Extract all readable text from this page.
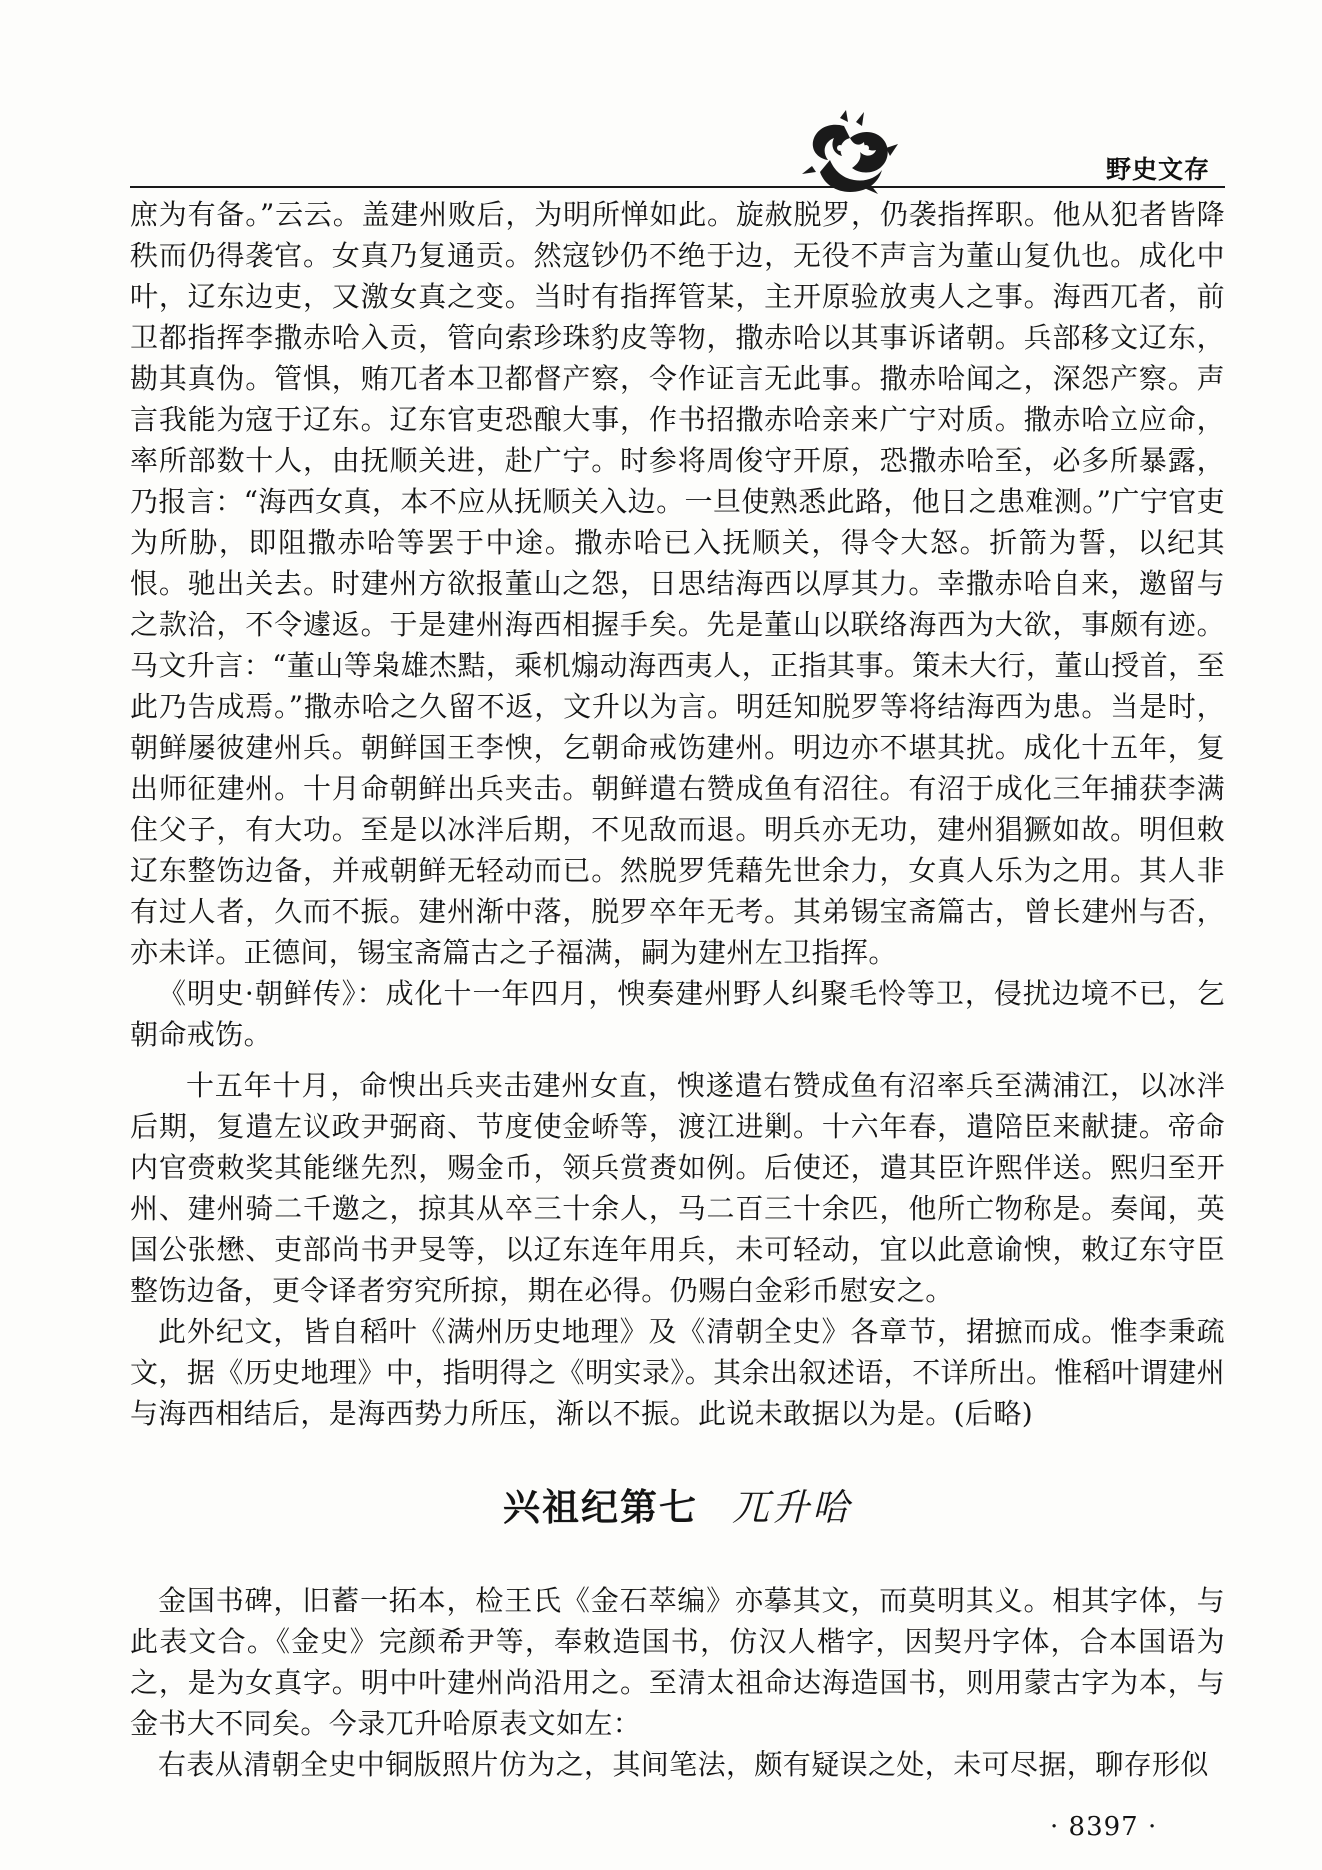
野史文存

庶为有备。”云云。盖建州败后，为明所惮如此。旋赦脱罗，仍袭指挥职。他从犯者皆降秩而仍得袭官。女真乃复通贡。然寇钞仍不绝于边，无役不声言为董山复仇也。成化中叶，辽东边吏，又激女真之变。当时有指挥管某，主开原验放夷人之事。海西兀者，前卫都指挥李撒赤哈入贡，管向索珍珠豹皮等物，撒赤哈以其事诉诸朝。兵部移文辽东，勘其真伪。管惧，贿兀者本卫都督产察，令作证言无此事。撒赤哈闻之，深怨产察。声言我能为寇于辽东。辽东官吏恐酿大事，作书招撒赤哈亲来广宁对质。撒赤哈立应命，率所部数十人，由抚顺关进，赴广宁。时参将周俊守开原，恐撒赤哈至，必多所暴露，乃报言：“海西女真，本不应从抚顺关入边。一旦使熟悉此路，他日之患难测。”广宁官吏为所胁，即阻撒赤哈等罢于中途。撒赤哈已入抚顺关，得令大怒。折箭为誓，以纪其恨。驰出关去。时建州方欲报董山之怨，日思结海西以厚其力。幸撒赤哈自来，邀留与之款洽，不令遽返。于是建州海西相握手矣。先是董山以联络海西为大欲，事颇有迹。马文升言：“董山等枭雄杰黠，乘机煽动海西夷人，正指其事。策未大行，董山授首，至此乃告成焉。”撒赤哈之久留不返，文升以为言。明廷知脱罗等将结海西为患。当是时，朝鲜屡彼建州兵。朝鲜国王李㥚，乞朝命戒饬建州。明边亦不堪其扰。成化十五年，复出师征建州。十月命朝鲜出兵夹击。朝鲜遣右赞成鱼有沼往。有沼于成化三年捕获李满住父子，有大功。至是以冰泮后期，不见敌而退。明兵亦无功，建州猖獗如故。明但敕辽东整饬边备，并戒朝鲜无轻动而已。然脱罗凭藉先世余力，女真人乐为之用。其人非有过人者，久而不振。建州渐中落，脱罗卒年无考。其弟锡宝斋篇古，曾长建州与否，亦未详。正德间，锡宝斋篇古之子福满，嗣为建州左卫指挥。

《明史·朝鲜传》：成化十一年四月，㥚奏建州野人纠聚毛怜等卫，侵扰边境不已，乞朝命戒饬。

十五年十月，命㥚出兵夹击建州女直，㥚遂遣右赞成鱼有沼率兵至满浦江，以冰泮后期，复遣左议政尹弼商、节度使金峤等，渡江进剿。十六年春，遣陪臣来献捷。帝命内官赍敕奖其能继先烈，赐金币，领兵赏赉如例。后使还，遣其臣许熙伴送。熙归至开州、建州骑二千邀之，掠其从卒三十余人，马二百三十余匹，他所亡物称是。奏闻，英国公张懋、吏部尚书尹旻等，以辽东连年用兵，未可轻动，宜以此意谕㥚，敕辽东守臣整饬边备，更令译者穷究所掠，期在必得。仍赐白金彩币慰安之。

此外纪文，皆自稻叶《满州历史地理》及《清朝全史》各章节，捃摭而成。惟李秉疏文，据《历史地理》中，指明得之《明实录》。其余出叙述语，不详所出。惟稻叶谓建州与海西相结后，是海西势力所压，渐以不振。此说未敢据以为是。(后略)

兴祖纪第七 兀升哈

金国书碑，旧蓄一拓本，检王氏《金石萃编》亦摹其文，而莫明其义。相其字体，与此表文合。《金史》完颜希尹等，奉敕造国书，仿汉人楷字，因契丹字体，合本国语为之，是为女真字。明中叶建州尚沿用之。至清太祖命达海造国书，则用蒙古字为本，与金书大不同矣。今录兀升哈原表文如左：

右表从清朝全史中铜版照片仿为之，其间笔法，颇有疑误之处，未可尽据，聊存形似

· 8397 ·
